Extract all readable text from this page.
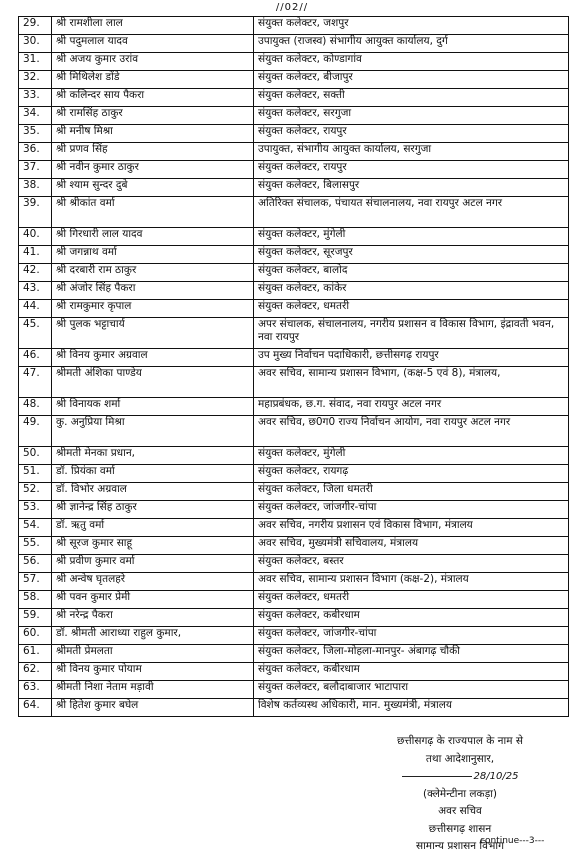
//02//
29.	श्री रामशीला लाल	संयुक्त कलेक्टर, जशपुर
30.	श्री पदुमलाल यादव	उपायुक्त (राजस्व) संभागीय आयुक्त कार्यालय, दुर्ग
31.	श्री अजय कुमार उरांव	संयुक्त कलेक्टर, कोण्डागांव
32.	श्री मिथिलेश डोंडे	संयुक्त कलेक्टर, बीजापुर
33.	श्री कलिन्दर साय पैकरा	संयुक्त कलेक्टर, सक्ती
34.	श्री रामसिंह ठाकुर	संयुक्त कलेक्टर, सरगुजा
35.	श्री मनीष मिश्रा	संयुक्त कलेक्टर, रायपुर
36.	श्री प्रणव सिंह	उपायुक्त, संभागीय आयुक्त कार्यालय, सरगुजा
37.	श्री नवीन कुमार ठाकुर	संयुक्त कलेक्टर, रायपुर
38.	श्री श्याम सुन्दर दुबे	संयुक्त कलेक्टर, बिलासपुर
39.	श्री श्रीकांत वर्मा	अतिरिक्त संचालक, पंचायत संचालनालय, नवा रायपुर अटल नगर
40.	श्री गिरधारी लाल यादव	संयुक्त कलेक्टर, मुंगेली
41.	श्री जगन्नाथ वर्मा	संयुक्त कलेक्टर, सूरजपुर
42.	श्री दरबारी राम ठाकुर	संयुक्त कलेक्टर, बालोद
43.	श्री अंजोर सिंह पैकरा	संयुक्त कलेक्टर, कांकेर
44.	श्री रामकुमार कृपाल	संयुक्त कलेक्टर, धमतरी
45.	श्री पुलक भट्टाचार्य	अपर संचालक, संचालनालय, नगरीय प्रशासन व विकास विभाग, इंद्रावती भवन, नवा रायपुर
46.	श्री विनय कुमार अग्रवाल	उप मुख्य निर्वाचन पदाधिकारी, छत्तीसगढ़ रायपुर
47.	श्रीमती अंशिका पाण्डेय	अवर सचिव, सामान्य प्रशासन विभाग, (कक्ष-5 एवं 8), मंत्रालय,
48.	श्री विनायक शर्मा	महाप्रबंधक, छ.ग. संवाद, नवा रायपुर अटल नगर
49.	कु. अनुप्रिया मिश्रा	अवर सचिव, छ0ग0 राज्य निर्वाचन आयोग, नवा रायपुर अटल नगर
50.	श्रीमती मेनका प्रधान,	संयुक्त कलेक्टर, मुंगेली
51.	डॉ. प्रियंका वर्मा	संयुक्त कलेक्टर, रायगढ़
52.	डॉ. विभोर अग्रवाल	संयुक्त कलेक्टर, जिला धमतरी
53.	श्री ज्ञानेन्द्र सिंह ठाकुर	संयुक्त कलेक्टर, जांजगीर-चांपा
54.	डॉ. ऋतु वर्मा	अवर सचिव, नगरीय प्रशासन एवं विकास विभाग, मंत्रालय
55.	श्री सूरज कुमार साहू	अवर सचिव, मुख्यमंत्री सचिवालय, मंत्रालय
56.	श्री प्रवीण कुमार वर्मा	संयुक्त कलेक्टर, बस्तर
57.	श्री अन्वेष घृतलहरे	अवर सचिव, सामान्य प्रशासन विभाग (कक्ष-2), मंत्रालय
58.	श्री पवन कुमार प्रेमी	संयुक्त कलेक्टर, धमतरी
59.	श्री नरेन्द्र पैकरा	संयुक्त कलेक्टर, कबीरधाम
60.	डॉ. श्रीमती आराध्या राहुल कुमार,	संयुक्त कलेक्टर, जांजगीर-चांपा
61.	श्रीमती प्रेमलता	संयुक्त कलेक्टर, जिला-मोहला-मानपुर- अंबागढ़ चौकी
62.	श्री विनय कुमार पोयाम	संयुक्त कलेक्टर, कबीरधाम
63.	श्रीमती निशा नेताम मड़ावी	संयुक्त कलेक्टर, बलौदाबाजार भाटापारा
64.	श्री हितेश कुमार बघेल	विशेष कर्तव्यस्थ अधिकारी, मान. मुख्यमंत्री, मंत्रालय
छत्तीसगढ़ के राज्यपाल के नाम से
तथा आदेशानुसार,
28/10/25
(क्लेमेन्टीना लकड़ा)
अवर सचिव
छत्तीसगढ़ शासन
सामान्य प्रशासन विभाग
continue---3---
